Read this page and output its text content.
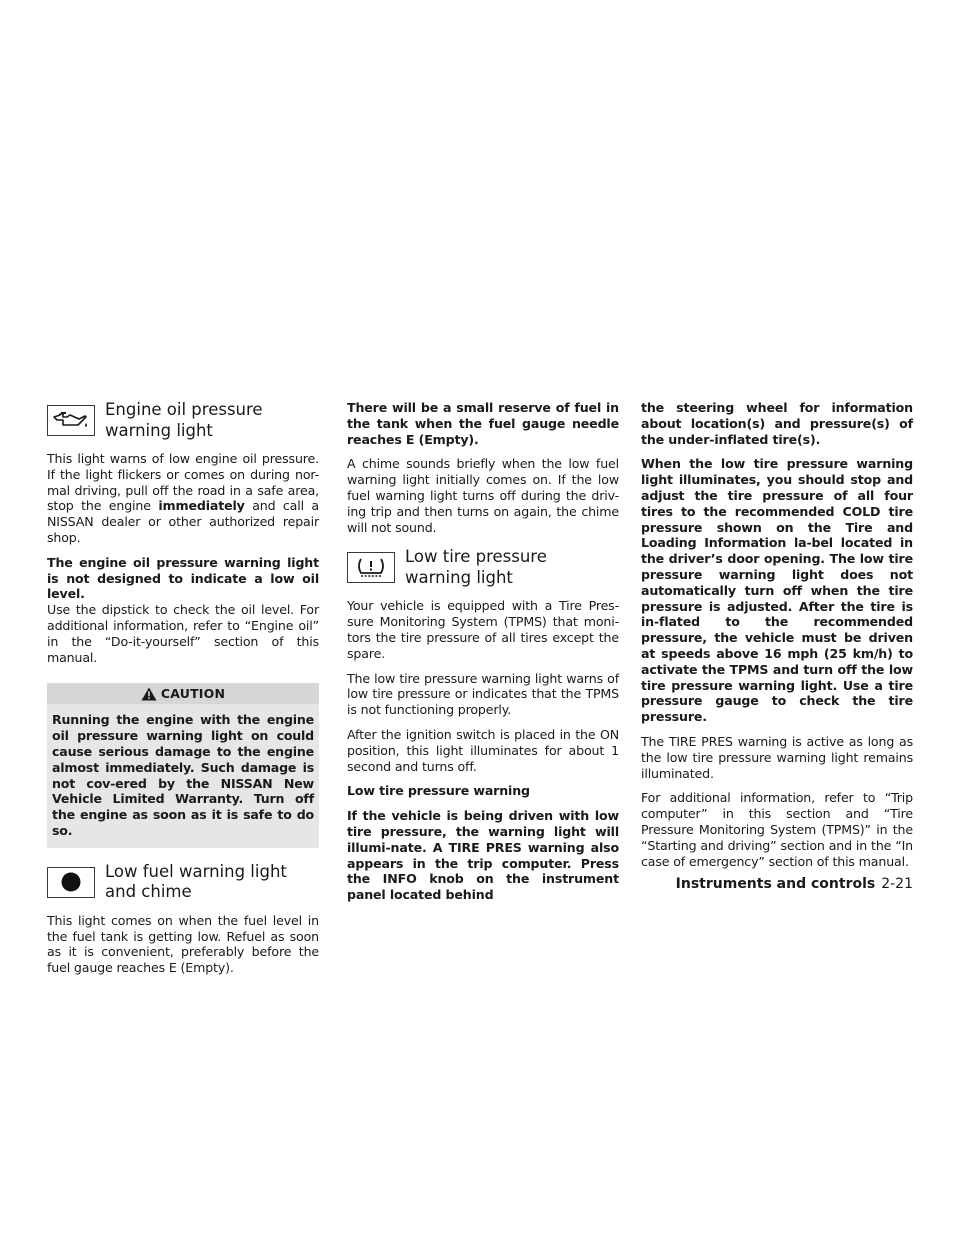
Engine oil pressure
warning light

This light warns of low engine oil pressure. If the light flickers or comes on during nor-mal driving, pull off the road in a safe area, stop the engine immediately and call a NISSAN dealer or other authorized repair shop.

The engine oil pressure warning light is not designed to indicate a low oil level.

Use the dipstick to check the oil level. For additional information, refer to “Engine oil” in the “Do-it-yourself” section of this manual.

CAUTION
Running the engine with the engine oil pressure warning light on could cause serious damage to the engine almost immediately. Such damage is not cov-ered by the NISSAN New Vehicle Limited Warranty. Turn off the engine as soon as it is safe to do so.
Low fuel warning light
and chime

This light comes on when the fuel level in the fuel tank is getting low. Refuel as soon as it is convenient, preferably before the fuel gauge reaches E (Empty).

There will be a small reserve of fuel in the tank when the fuel gauge needle reaches E (Empty).

A chime sounds briefly when the low fuel warning light initially comes on. If the low fuel warning light turns off during the driv-ing trip and then turns on again, the chime will not sound.

Low tire pressure
warning light

Your vehicle is equipped with a Tire Pres-sure Monitoring System (TPMS) that moni-tors the tire pressure of all tires except the spare.

The low tire pressure warning light warns of low tire pressure or indicates that the TPMS is not functioning properly.

After the ignition switch is placed in the ON position, this light illuminates for about 1 second and turns off.

Low tire pressure warning

If the vehicle is being driven with low tire pressure, the warning light will illumi-nate. A TIRE PRES warning also appears in the trip computer. Press the INFO knob on the instrument panel located behind

the steering wheel for information about location(s) and pressure(s) of the under-inflated tire(s).

When the low tire pressure warning light illuminates, you should stop and adjust the tire pressure of all four tires to the recommended COLD tire pressure shown on the Tire and Loading Information la-bel located in the driver’s door opening. The low tire pressure warning light does not automatically turn off when the tire pressure is adjusted. After the tire is in-flated to the recommended pressure, the vehicle must be driven at speeds above 16 mph (25 km/h) to activate the TPMS and turn off the low tire pressure warning light. Use a tire pressure gauge to check the tire pressure.

The TIRE PRES warning is active as long as the low tire pressure warning light remains illuminated.

For additional information, refer to “Trip computer” in this section and “Tire Pressure Monitoring System (TPMS)” in the “Starting and driving” section and in the “In case of emergency” section of this manual.

Instruments and controls 2-21
